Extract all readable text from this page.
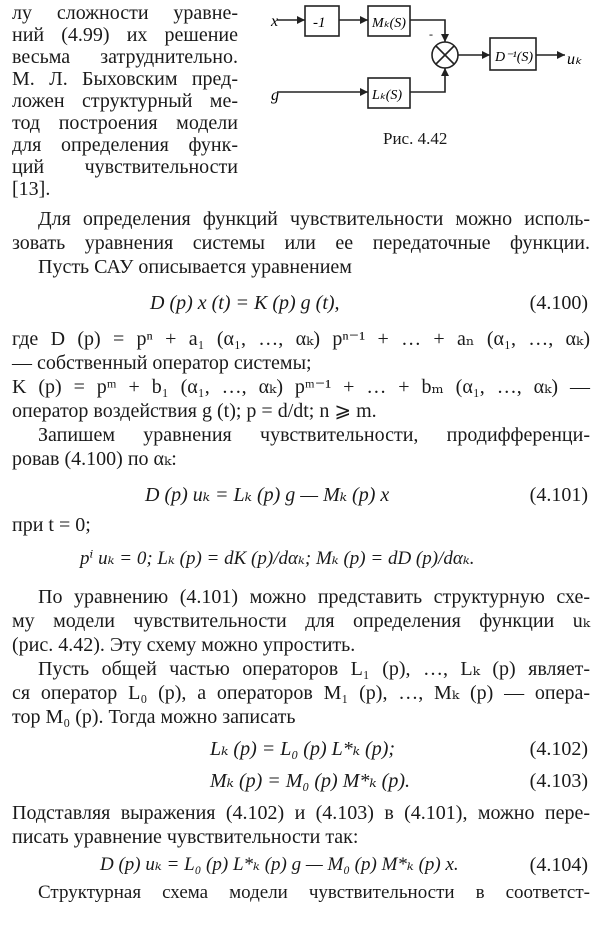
x
g
-1	Mₖ(S)
Lₖ(S)
D⁻¹(S) uₖ
-
Рис. 4.42
лу сложности уравне-
ний (4.99) их решение
весьма затруднительно.
М. Л. Быховским пред-
ложен структурный ме-
тод построения модели
для определения функ-
ций чувствительности
[13].
Для определения функций чувствительности можно исполь-
зовать уравнения системы или ее передаточные функции.
Пусть САУ описывается уравнением
D (p) x (t) = K (p) g (t),	(4.100)
где D (p) = pⁿ + a₁ (α₁, …, αₖ) pⁿ⁻¹ + … + aₙ (α₁, …, αₖ)
— собственный оператор системы;
K (p) = pᵐ + b₁ (α₁, …, αₖ) pᵐ⁻¹ + … + bₘ (α₁, …, αₖ) —
оператор воздействия g (t); p = d/dt; n ⩾ m.
Запишем уравнения чувствительности, продифференци-
ровав (4.100) по αₖ:
D (p) uₖ = Lₖ (p) g — Mₖ (p) x	(4.101)
при t = 0;
pⁱ uₖ = 0; Lₖ (p) = dK (p)/dαₖ; Mₖ (p) = dD (p)/dαₖ.
По уравнению (4.101) можно представить структурную схе-
му модели чувствительности для определения функции uₖ
(рис. 4.42). Эту схему можно упростить.
Пусть общей частью операторов L₁ (p), …, Lₖ (p) являет-
ся оператор L₀ (p), а операторов M₁ (p), …, Mₖ (p) — опера-
тор M₀ (p). Тогда можно записать
Lₖ (p) = L₀ (p) L*ₖ (p);	(4.102)
Mₖ (p) = M₀ (p) M*ₖ (p).	(4.103)
Подставляя выражения (4.102) и (4.103) в (4.101), можно пере-
писать уравнение чувствительности так:
D (p) uₖ = L₀ (p) L*ₖ (p) g — M₀ (p) M*ₖ (p) x.	(4.104)
Структурная схема модели чувствительности в соответст-
